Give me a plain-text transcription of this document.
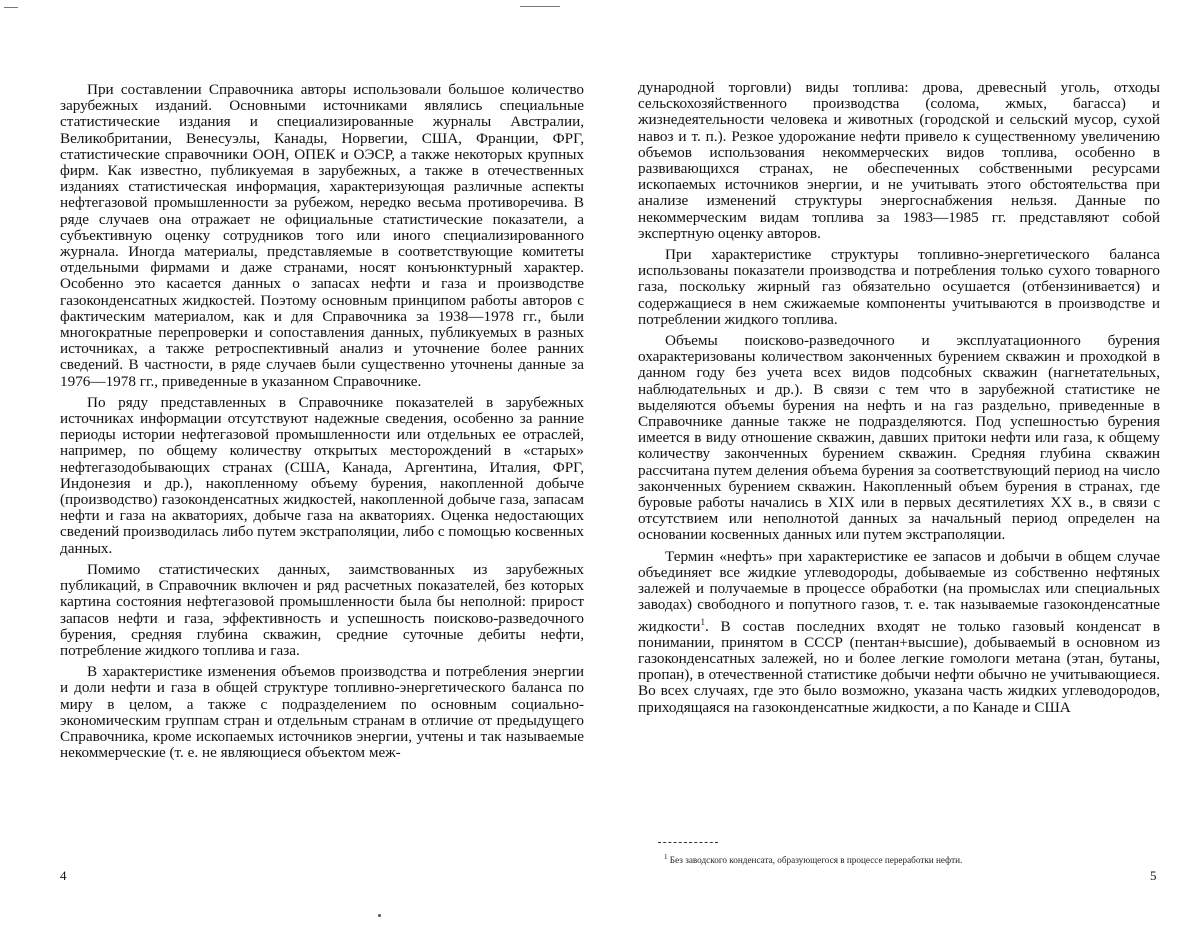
При составлении Справочника авторы использовали большое количество зарубежных изданий. Основными источниками являлись специальные статистические издания и специализированные журналы Австралии, Великобритании, Венесуэлы, Канады, Норвегии, США, Франции, ФРГ, статистические справочники ООН, ОПЕК и ОЭСР, а также некоторых крупных фирм. Как известно, публикуемая в зарубежных, а также в отечественных изданиях статистическая информация, характеризующая различные аспекты нефтегазовой промышленности за рубежом, нередко весьма противоречива. В ряде случаев она отражает не официальные статистические показатели, а субъективную оценку сотрудников того или иного специализированного журнала. Иногда материалы, представляемые в соответствующие комитеты отдельными фирмами и даже странами, носят конъюнктурный характер. Особенно это касается данных о запасах нефти и газа и производстве газоконденсатных жидкостей. Поэтому основным принципом работы авторов с фактическим материалом, как и для Справочника за 1938—1978 гг., были многократные перепроверки и сопоставления данных, публикуемых в разных источниках, а также ретроспективный анализ и уточнение более ранних сведений. В частности, в ряде случаев были существенно уточнены данные за 1976—1978 гг., приведенные в указанном Справочнике.

По ряду представленных в Справочнике показателей в зарубежных источниках информации отсутствуют надежные сведения, особенно за ранние периоды истории нефтегазовой промышленности или отдельных ее отраслей, например, по общему количеству открытых месторождений в «старых» нефтегазодобывающих странах (США, Канада, Аргентина, Италия, ФРГ, Индонезия и др.), накопленному объему бурения, накопленной добыче (производство) газоконденсатных жидкостей, накопленной добыче газа, запасам нефти и газа на акваториях, добыче газа на акваториях. Оценка недостающих сведений производилась либо путем экстраполяции, либо с помощью косвенных данных.

Помимо статистических данных, заимствованных из зарубежных публикаций, в Справочник включен и ряд расчетных показателей, без которых картина состояния нефтегазовой промышленности была бы неполной: прирост запасов нефти и газа, эффективность и успешность поисково-разведочного бурения, средняя глубина скважин, средние суточные дебиты нефти, потребление жидкого топлива и газа.

В характеристике изменения объемов производства и потребления энергии и доли нефти и газа в общей структуре топливно-энергетического баланса по миру в целом, а также с подразделением по основным социально-экономическим группам стран и отдельным странам в отличие от предыдущего Справочника, кроме ископаемых источников энергии, учтены и так называемые некоммерческие (т. е. не являющиеся объектом меж-

4

дународной торговли) виды топлива: дрова, древесный уголь, отходы сельскохозяйственного производства (солома, жмых, багасса) и жизнедеятельности человека и животных (городской и сельский мусор, сухой навоз и т. п.). Резкое удорожание нефти привело к существенному увеличению объемов использования некоммерческих видов топлива, особенно в развивающихся странах, не обеспеченных собственными ресурсами ископаемых источников энергии, и не учитывать этого обстоятельства при анализе изменений структуры энергоснабжения нельзя. Данные по некоммерческим видам топлива за 1983—1985 гг. представляют собой экспертную оценку авторов.

При характеристике структуры топливно-энергетического баланса использованы показатели производства и потребления только сухого товарного газа, поскольку жирный газ обязательно осушается (отбензинивается) и содержащиеся в нем сжижаемые компоненты учитываются в производстве и потреблении жидкого топлива.

Объемы поисково-разведочного и эксплуатационного бурения охарактеризованы количеством законченных бурением скважин и проходкой в данном году без учета всех видов подсобных скважин (нагнетательных, наблюдательных и др.). В связи с тем что в зарубежной статистике не выделяются объемы бурения на нефть и на газ раздельно, приведенные в Справочнике данные также не подразделяются. Под успешностью бурения имеется в виду отношение скважин, давших притоки нефти или газа, к общему количеству законченных бурением скважин. Средняя глубина скважин рассчитана путем деления объема бурения за соответствующий период на число законченных бурением скважин. Накопленный объем бурения в странах, где буровые работы начались в XIX или в первых десятилетиях XX в., в связи с отсутствием или неполнотой данных за начальный период определен на основании косвенных данных или путем экстраполяции.

Термин «нефть» при характеристике ее запасов и добычи в общем случае объединяет все жидкие углеводороды, добываемые из собственно нефтяных залежей и получаемые в процессе обработки (на промыслах или специальных заводах) свободного и попутного газов, т. е. так называемые газоконденсатные жидкости1. В состав последних входят не только газовый конденсат в понимании, принятом в СССР (пентан+высшие), добываемый в основном из газоконденсатных залежей, но и более легкие гомологи метана (этан, бутаны, пропан), в отечественной статистике добычи нефти обычно не учитывающиеся. Во всех случаях, где это было возможно, указана часть жидких углеводородов, приходящаяся на газоконденсатные жидкости, а по Канаде и США

1 Без заводского конденсата, образующегося в процессе переработки нефти.
5
